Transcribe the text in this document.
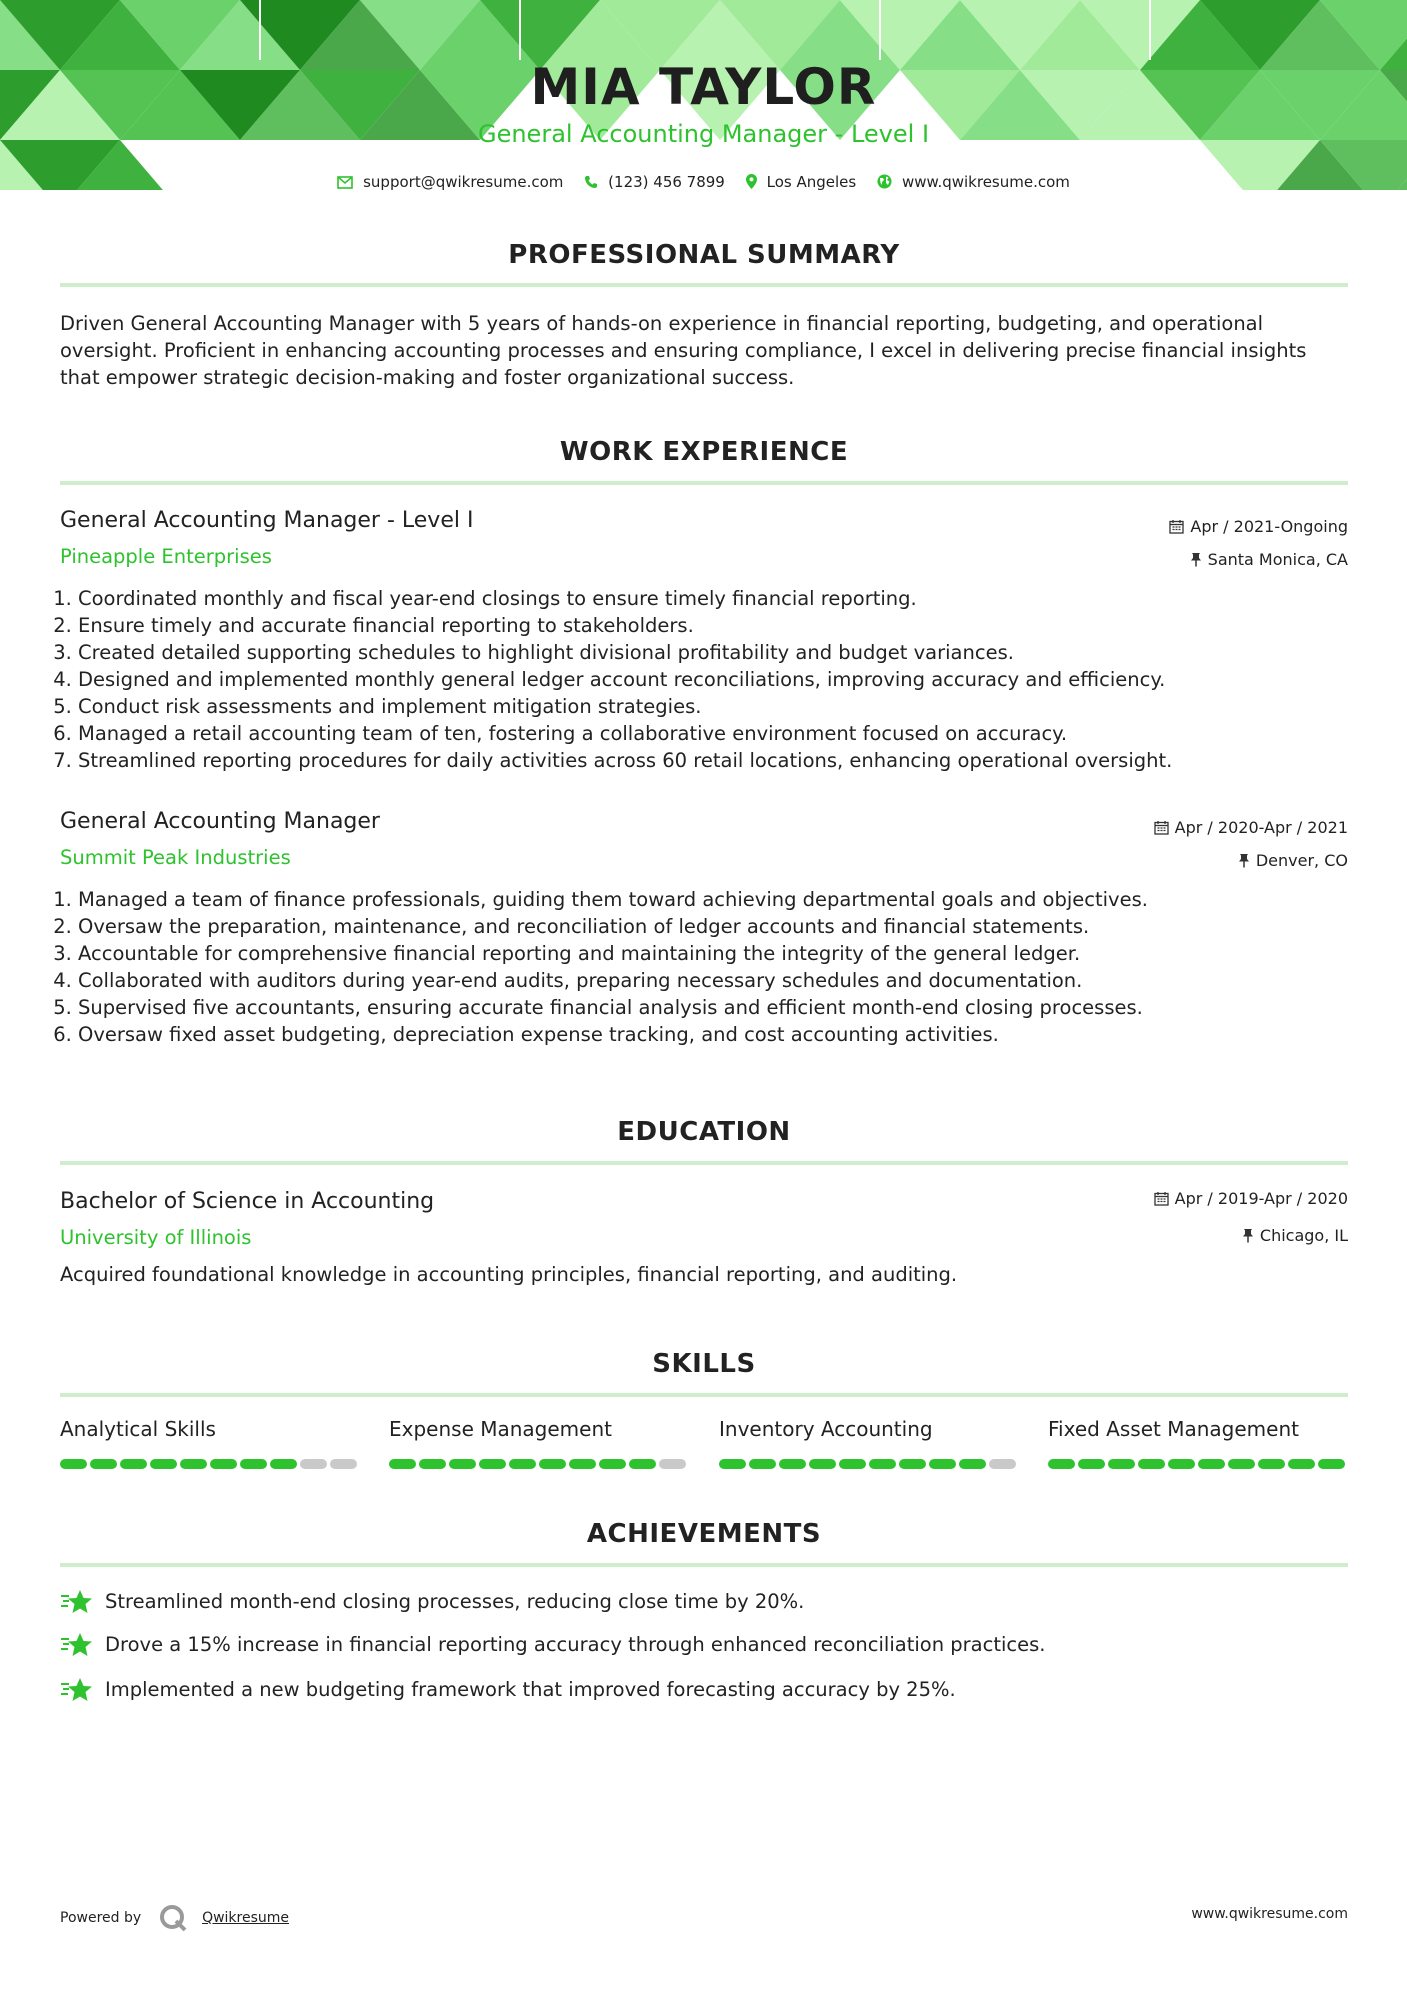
MIA TAYLOR
General Accounting Manager - Level I
support@qwikresume.com	(123) 456 7899	Los Angeles	www.qwikresume.com
PROFESSIONAL SUMMARY
Driven General Accounting Manager with 5 years of hands-on experience in financial reporting, budgeting, and operational oversight. Proficient in enhancing accounting processes and ensuring compliance, I excel in delivering precise financial insights that empower strategic decision-making and foster organizational success.
WORK EXPERIENCE
General Accounting Manager - Level I	Apr / 2021-Ongoing
Pineapple Enterprises	Santa Monica, CA
1. Coordinated monthly and fiscal year-end closings to ensure timely financial reporting.
2. Ensure timely and accurate financial reporting to stakeholders.
3. Created detailed supporting schedules to highlight divisional profitability and budget variances.
4. Designed and implemented monthly general ledger account reconciliations, improving accuracy and efficiency.
5. Conduct risk assessments and implement mitigation strategies.
6. Managed a retail accounting team of ten, fostering a collaborative environment focused on accuracy.
7. Streamlined reporting procedures for daily activities across 60 retail locations, enhancing operational oversight.
General Accounting Manager	Apr / 2020-Apr / 2021
Summit Peak Industries	Denver, CO
1. Managed a team of finance professionals, guiding them toward achieving departmental goals and objectives.
2. Oversaw the preparation, maintenance, and reconciliation of ledger accounts and financial statements.
3. Accountable for comprehensive financial reporting and maintaining the integrity of the general ledger.
4. Collaborated with auditors during year-end audits, preparing necessary schedules and documentation.
5. Supervised five accountants, ensuring accurate financial analysis and efficient month-end closing processes.
6. Oversaw fixed asset budgeting, depreciation expense tracking, and cost accounting activities.
EDUCATION
Bachelor of Science in Accounting	Apr / 2019-Apr / 2020
University of Illinois	Chicago, IL
Acquired foundational knowledge in accounting principles, financial reporting, and auditing.
SKILLS
Analytical Skills	Expense Management	Inventory Accounting	Fixed Asset Management
ACHIEVEMENTS
Streamlined month-end closing processes, reducing close time by 20%.
Drove a 15% increase in financial reporting accuracy through enhanced reconciliation practices.
Implemented a new budgeting framework that improved forecasting accuracy by 25%.
Powered by	Qwikresume	www.qwikresume.com
